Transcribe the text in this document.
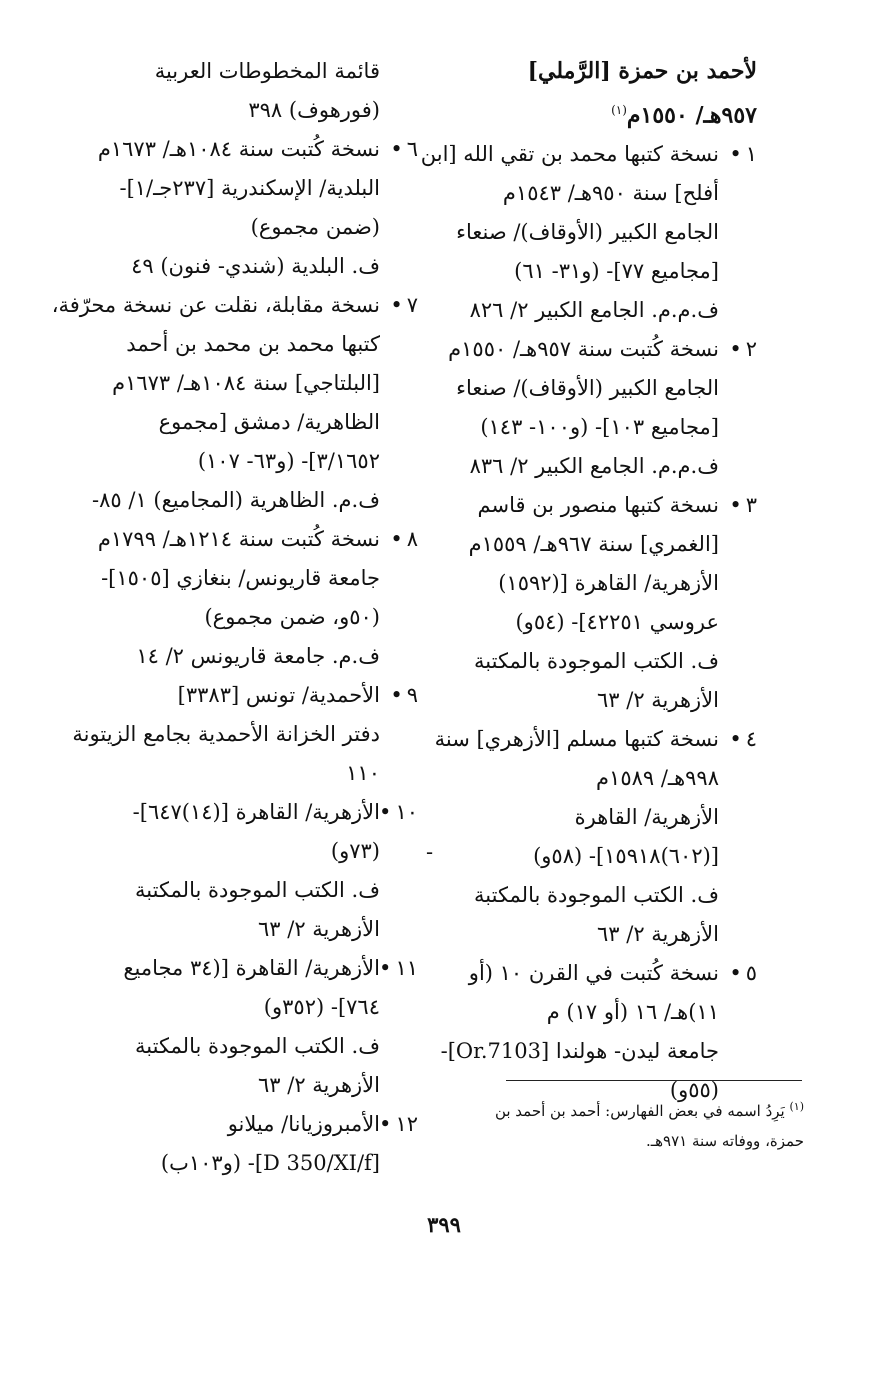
لأحمد بن حمزة [الرَّملي]
٩٥٧هـ/ ١٥٥٠م$^{(١)}$
١•
نسخة كتبها محمد بن تقي الله [ابن
أفلح] سنة ٩٥٠هـ/ ١٥٤٣م
الجامع الكبير (الأوقاف)/ صنعاء
[مجاميع ٧٧]- (و٣١- ٦١)
ف.م.م. الجامع الكبير ٢/ ٨٢٦
٢•
نسخة كُتبت سنة ٩٥٧هـ/ ١٥٥٠م
الجامع الكبير (الأوقاف)/ صنعاء
[مجاميع ١٠٣]- (و١٠٠- ١٤٣)
ف.م.م. الجامع الكبير ٢/ ٨٣٦
٣•
نسخة كتبها منصور بن قاسم
[الغمري] سنة ٩٦٧هـ/ ١٥٥٩م
الأزهرية/ القاهرة [(١٥٩٢)
عروسي ٤٢٢٥١]- (٥٤و)
ف. الكتب الموجودة بالمكتبة
الأزهرية ٢/ ٦٣
٤•
نسخة كتبها مسلم [الأزهري] سنة
٩٩٨هـ/ ١٥٨٩م
الأزهرية/ القاهرة
[(٦٠٢)١٥٩١٨]- (٥٨و)
ف. الكتب الموجودة بالمكتبة
الأزهرية ٢/ ٦٣
٥•
نسخة كُتبت في القرن ١٠ (أو
١١)هـ/ ١٦ (أو ١٧) م
جامعة ليدن- هولندا [Or.7103]-
(٥٥و)
قائمة المخطوطات العربية
(فورهوف) ٣٩٨
٦•
نسخة كُتبت سنة ١٠٨٤هـ/ ١٦٧٣م
البلدية/ الإسكندرية [٢٣٧جـ/١]-
(ضمن مجموع)
ف. البلدية (شندي- فنون) ٤٩
٧•
نسخة مقابلة، نقلت عن نسخة محرّفة،
كتبها محمد بن محمد بن أحمد
[البلتاجي] سنة ١٠٨٤هـ/ ١٦٧٣م
الظاهرية/ دمشق [مجموع
٣/١٦٥٢]- (و٦٣- ١٠٧)
ف.م. الظاهرية (المجاميع) ١/ ٨٥-
٨•
نسخة كُتبت سنة ١٢١٤هـ/ ١٧٩٩م
جامعة قاريونس/ بنغازي [١٥٠٥]-
(٥٠و، ضمن مجموع)
ف.م. جامعة قاريونس ٢/ ١٤
٩•
الأحمدية/ تونس [٣٣٨٣]
دفتر الخزانة الأحمدية بجامع الزيتونة
١١٠
١٠•
الأزهرية/ القاهرة [(١٤)٦٤٧]-
(٧٣و)
ف. الكتب الموجودة بالمكتبة
الأزهرية ٢/ ٦٣
١١•
الأزهرية/ القاهرة [(٣٤ مجاميع
٧٦٤]- (٣٥٢و)
ف. الكتب الموجودة بالمكتبة
الأزهرية ٢/ ٦٣
١٢•
الأمبروزيانا/ ميلانو
[D 350/XI/f]- (و١٠٣ب)
-
$^{(١)}$ يَرِدُ اسمه في بعض الفهارس: أحمد بن أحمد بن
حمزة، ووفاته سنة ٩٧١هـ.
٣٩٩
